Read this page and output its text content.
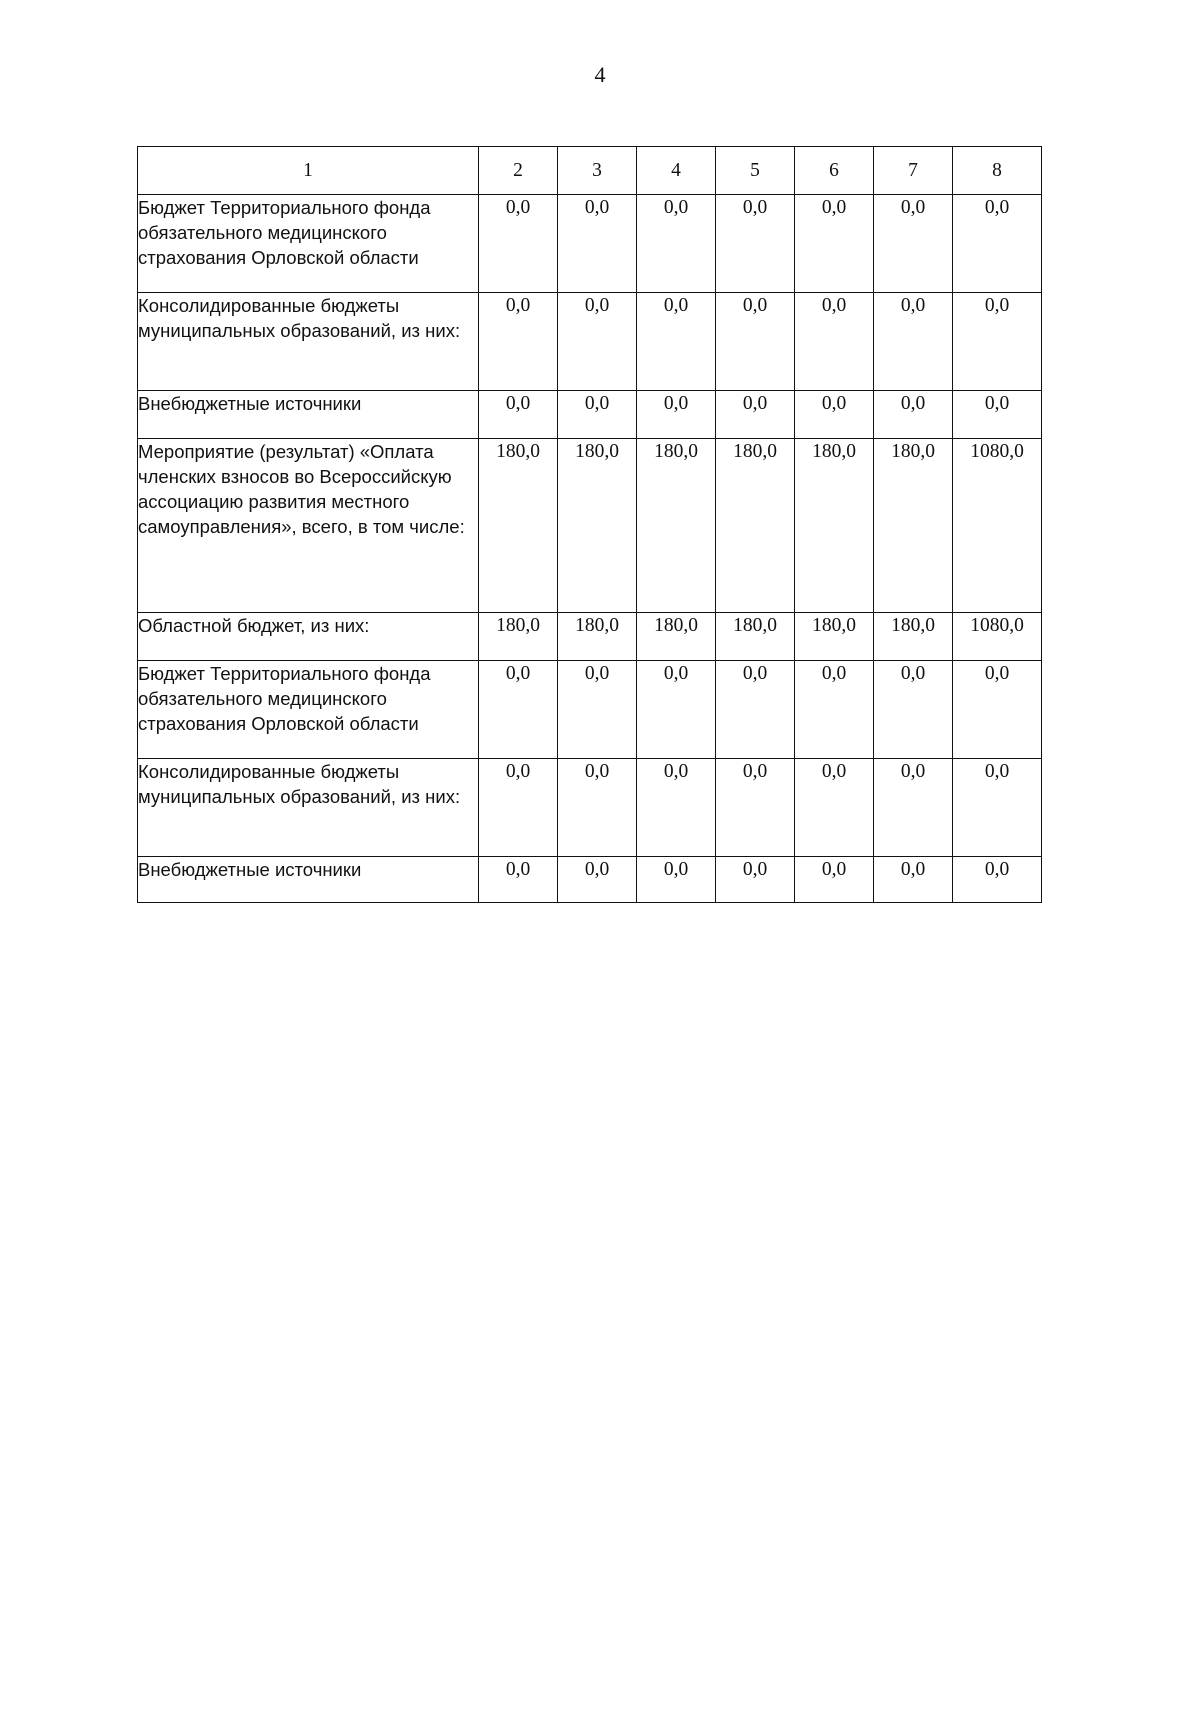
4
1	2	3	4	5	6	7	8
Бюджет Территориального фонда обязательного медицинского страхования Орловской области	0,0	0,0	0,0	0,0	0,0	0,0	0,0
Консолидированные бюджеты муниципальных образований, из них:	0,0	0,0	0,0	0,0	0,0	0,0	0,0
Внебюджетные источники	0,0	0,0	0,0	0,0	0,0	0,0	0,0
Мероприятие (результат) «Оплата членских взносов во Всероссийскую ассоциацию развития местного самоуправления», всего, в том числе:	180,0	180,0	180,0	180,0	180,0	180,0	1080,0
Областной бюджет, из них:	180,0	180,0	180,0	180,0	180,0	180,0	1080,0
Бюджет Территориального фонда обязательного медицинского страхования Орловской области	0,0	0,0	0,0	0,0	0,0	0,0	0,0
Консолидированные бюджеты муниципальных образований, из них:	0,0	0,0	0,0	0,0	0,0	0,0	0,0
Внебюджетные источники	0,0	0,0	0,0	0,0	0,0	0,0	0,0
